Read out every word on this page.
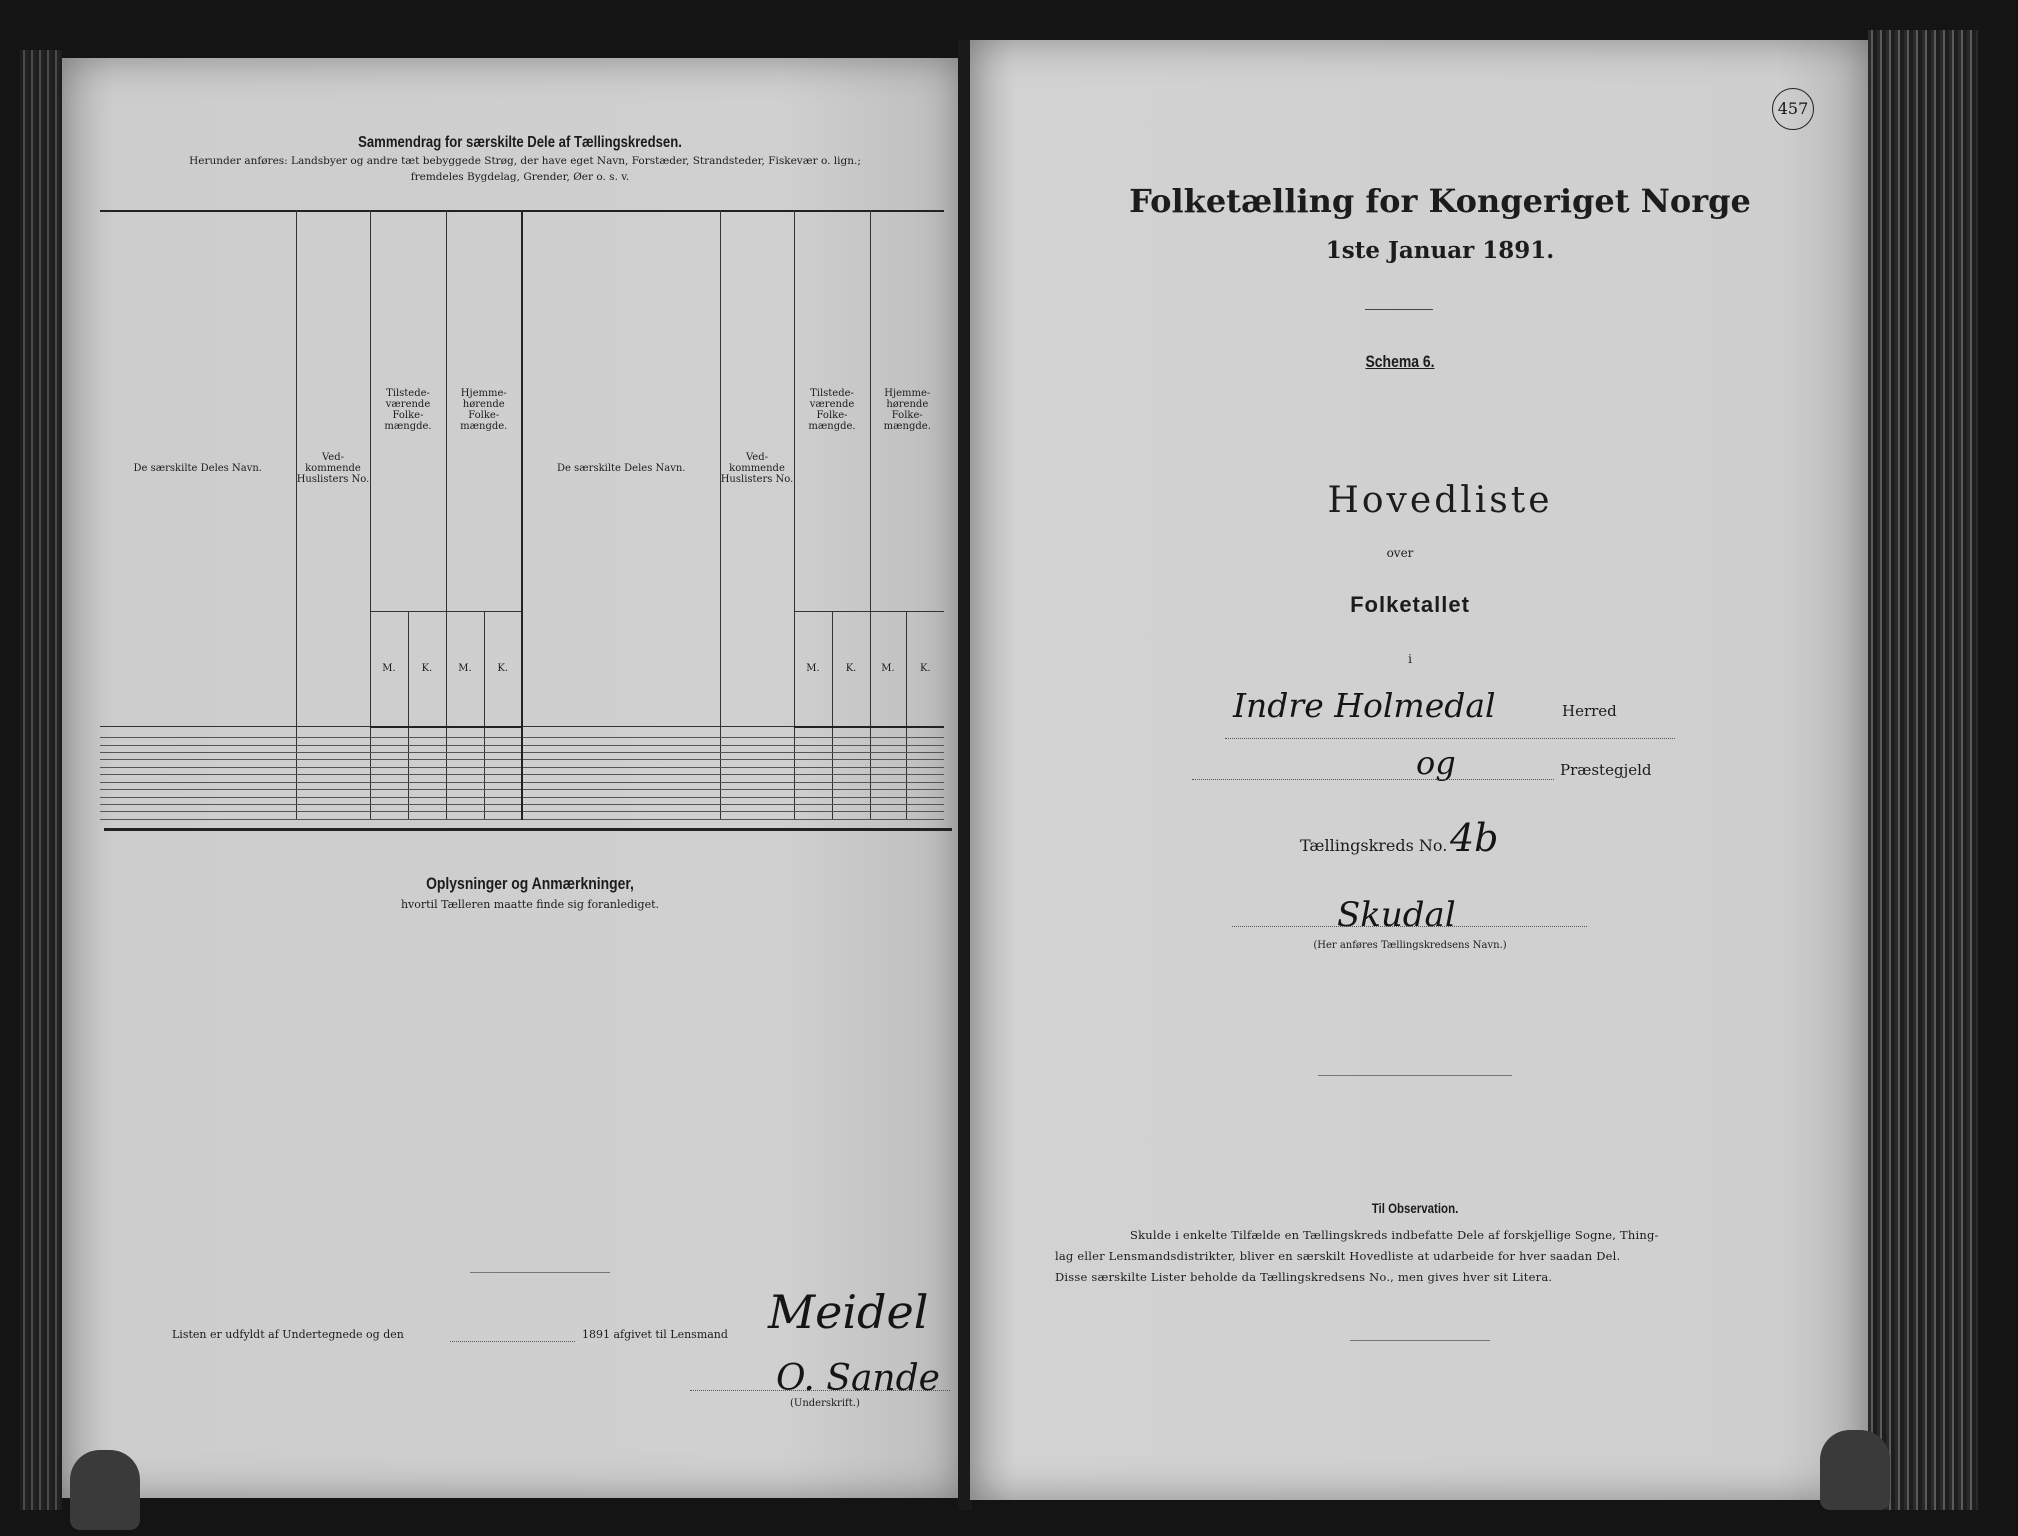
Sammendrag for særskilte Dele af Tællingskredsen.
Herunder anføres: Landsbyer og andre tæt bebyggede Strøg, der have eget Navn, Forstæder, Strandsteder, Fiskevær o. lign.;
fremdeles Bygdelag, Grender, Øer o. s. v.
De særskilte Deles Navn.	Ved-kommende Huslisters No.	Tilstede-værende Folke-mængde.		Hjemme-hørende Folke-mængde.		De særskilte Deles Navn.	Ved-kommende Huslisters No.	Tilstede-værende Folke-mængde.		Hjemme-hørende Folke-mængde.	
		M.	K.	M.	K.			M.	K.	M.	K.

Oplysninger og Anmærkninger,
hvortil Tælleren maatte finde sig foranlediget.
Listen er udfyldt af Undertegnede og den	1891 afgivet til Lensmand Meidel
O. Sande
(Underskrift.)
457
Folketælling for Kongeriget Norge
1ste Januar 1891.
Schema 6.
Hovedliste
over
Folketallet
i
Indre Holmedal	Herred
og	Præstegjeld
Tællingskreds No. 4b
Skudal
(Her anføres Tællingskredsens Navn.)
Til Observation.
Skulde i enkelte Tilfælde en Tællingskreds indbefatte Dele af forskjellige Sogne, Thing-
lag eller Lensmandsdistrikter, bliver en særskilt Hovedliste at udarbeide for hver saadan Del.
Disse særskilte Lister beholde da Tællingskredsens No., men gives hver sit Litera.
